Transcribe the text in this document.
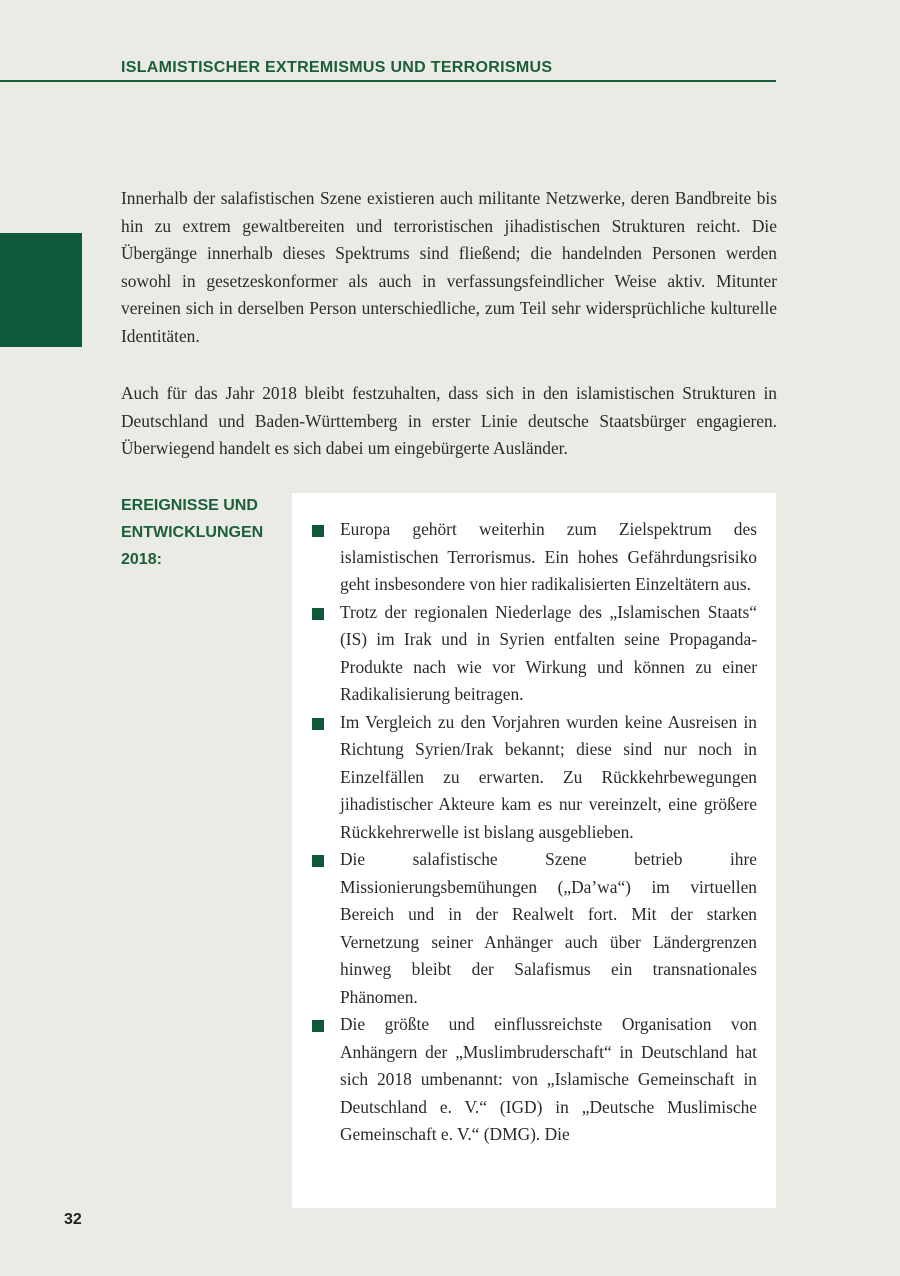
ISLAMISTISCHER EXTREMISMUS UND TERRORISMUS

Innerhalb der salafistischen Szene existieren auch militante Netzwerke, deren Bandbreite bis hin zu extrem gewaltbereiten und terroristischen jihadistischen Strukturen reicht. Die Übergänge innerhalb dieses Spektrums sind fließend; die handelnden Personen werden sowohl in gesetzeskonformer als auch in verfassungsfeindlicher Weise aktiv. Mitunter vereinen sich in derselben Person unterschiedliche, zum Teil sehr widersprüchliche kulturelle Identitäten.

Auch für das Jahr 2018 bleibt festzuhalten, dass sich in den islamistischen Strukturen in Deutschland und Baden-Württemberg in erster Linie deutsche Staatsbürger engagieren. Überwiegend handelt es sich dabei um eingebürgerte Ausländer.

EREIGNISSE UND
ENTWICKLUNGEN
2018:
Europa gehört weiterhin zum Zielspektrum des islamistischen Terrorismus. Ein hohes Gefährdungsrisiko geht insbesondere von hier radikalisierten Einzeltätern aus.
Trotz der regionalen Niederlage des „Islamischen Staats“ (IS) im Irak und in Syrien entfalten seine Propaganda-Produkte nach wie vor Wirkung und können zu einer Radikalisierung beitragen.
Im Vergleich zu den Vorjahren wurden keine Ausreisen in Richtung Syrien/Irak bekannt; diese sind nur noch in Einzelfällen zu erwarten. Zu Rückkehrbewegungen jihadistischer Akteure kam es nur vereinzelt, eine größere Rückkehrerwelle ist bislang ausgeblieben.
Die salafistische Szene betrieb ihre Missionierungsbemühungen („Da’wa“) im virtuellen Bereich und in der Realwelt fort. Mit der starken Vernetzung seiner Anhänger auch über Ländergrenzen hinweg bleibt der Salafismus ein transnationales Phänomen.
Die größte und einflussreichste Organisation von Anhängern der „Muslimbruderschaft“ in Deutschland hat sich 2018 umbenannt: von „Islamische Gemeinschaft in Deutschland e. V.“ (IGD) in „Deutsche Muslimische Gemeinschaft e. V.“ (DMG). Die
32
